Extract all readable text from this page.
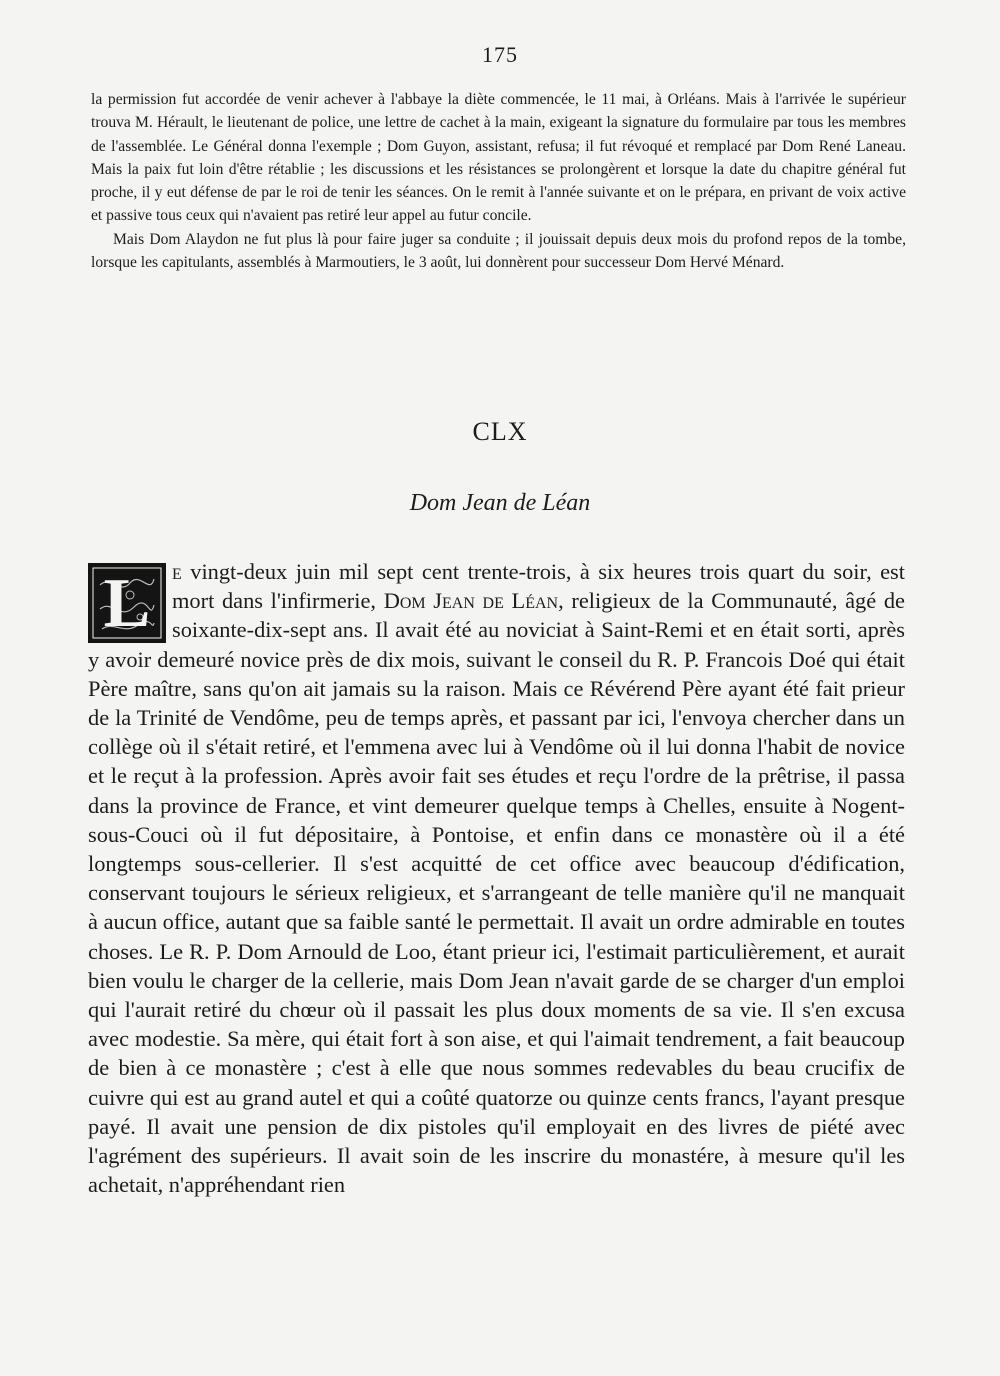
175

la permission fut accordée de venir achever à l'abbaye la diète commencée, le 11 mai, à Orléans. Mais à l'arrivée le supérieur trouva M. Hérault, le lieutenant de police, une lettre de cachet à la main, exigeant la signature du formulaire par tous les membres de l'assemblée. Le Général donna l'exemple ; Dom Guyon, assistant, refusa; il fut révoqué et remplacé par Dom René Laneau. Mais la paix fut loin d'être rétablie ; les discussions et les résistances se prolongèrent et lorsque la date du chapitre général fut proche, il y eut défense de par le roi de tenir les séances. On le remit à l'année suivante et on le prépara, en privant de voix active et passive tous ceux qui n'avaient pas retiré leur appel au futur concile.

Mais Dom Alaydon ne fut plus là pour faire juger sa conduite ; il jouissait depuis deux mois du profond repos de la tombe, lorsque les capitulants, assemblés à Marmoutiers, le 3 août, lui donnèrent pour successeur Dom Hervé Ménard.

CLX
Dom Jean de Léan

L e vingt-deux juin mil sept cent trente-trois, à six heures trois quart du soir, est mort dans l'infirmerie, Dom Jean de Léan, religieux de la Communauté, âgé de soixante-dix-sept ans. Il avait été au noviciat à Saint-Remi et en était sorti, après y avoir demeuré novice près de dix mois, suivant le conseil du R. P. Francois Doé qui était Père maître, sans qu'on ait jamais su la raison. Mais ce Révérend Père ayant été fait prieur de la Trinité de Vendôme, peu de temps après, et passant par ici, l'envoya chercher dans un collège où il s'était retiré, et l'emmena avec lui à Vendôme où il lui donna l'habit de novice et le reçut à la profession. Après avoir fait ses études et reçu l'ordre de la prêtrise, il passa dans la province de France, et vint demeurer quelque temps à Chelles, ensuite à Nogent-sous-Couci où il fut dépositaire, à Pontoise, et enfin dans ce monastère où il a été longtemps sous-cellerier. Il s'est acquitté de cet office avec beaucoup d'édification, conservant toujours le sérieux religieux, et s'arrangeant de telle manière qu'il ne manquait à aucun office, autant que sa faible santé le permettait. Il avait un ordre admirable en toutes choses. Le R. P. Dom Arnould de Loo, étant prieur ici, l'estimait particulièrement, et aurait bien voulu le charger de la cellerie, mais Dom Jean n'avait garde de se charger d'un emploi qui l'aurait retiré du chœur où il passait les plus doux moments de sa vie. Il s'en excusa avec modestie. Sa mère, qui était fort à son aise, et qui l'aimait tendrement, a fait beaucoup de bien à ce monastère ; c'est à elle que nous sommes redevables du beau crucifix de cuivre qui est au grand autel et qui a coûté quatorze ou quinze cents francs, l'ayant presque payé. Il avait une pension de dix pistoles qu'il employait en des livres de piété avec l'agrément des supérieurs. Il avait soin de les inscrire du monastére, à mesure qu'il les achetait, n'appréhendant rien
